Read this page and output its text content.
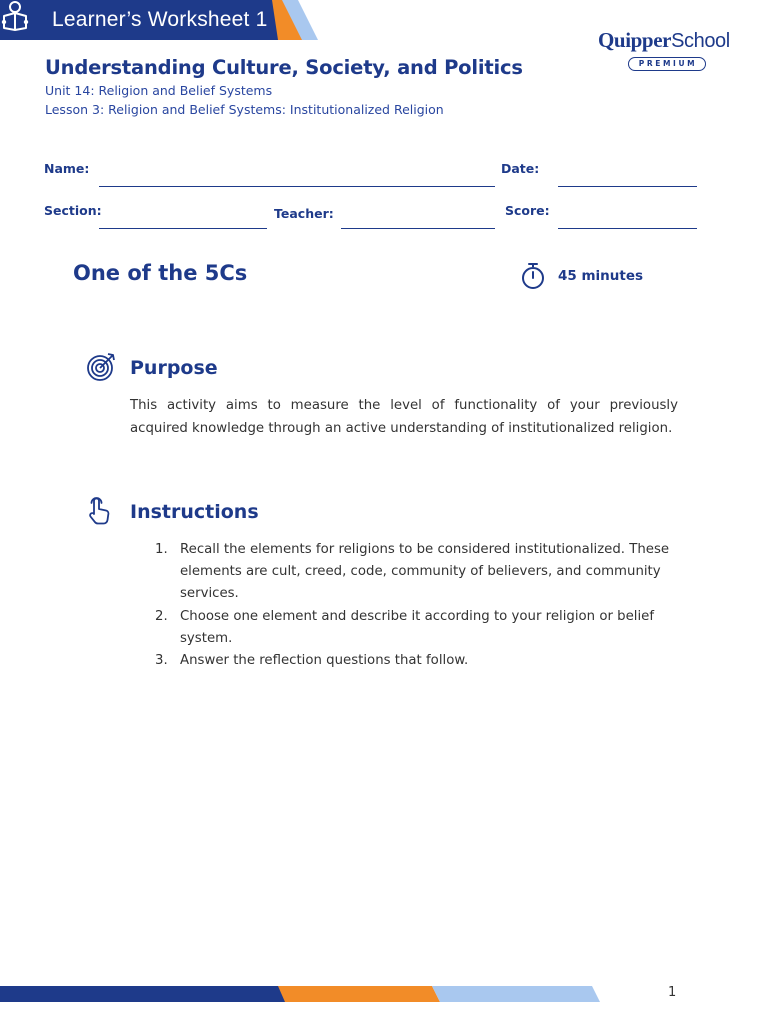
Learner’s Worksheet 1
QuipperSchool
PREMIUM
Understanding Culture, Society, and Politics
Unit 14: Religion and Belief Systems
Lesson 3: Religion and Belief Systems: Institutionalized Religion
Name:	Date:
Section:	Teacher:	Score:
One of the 5Cs	45 minutes
Purpose

This activity aims to measure the level of functionality of your previously acquired knowledge through an active understanding of institutionalized religion.

Instructions
1. Recall the elements for religions to be considered institutionalized. These elements are cult, creed, code, community of believers, and community services.
2. Choose one element and describe it according to your religion or belief system.
3. Answer the reflection questions that follow.
1
